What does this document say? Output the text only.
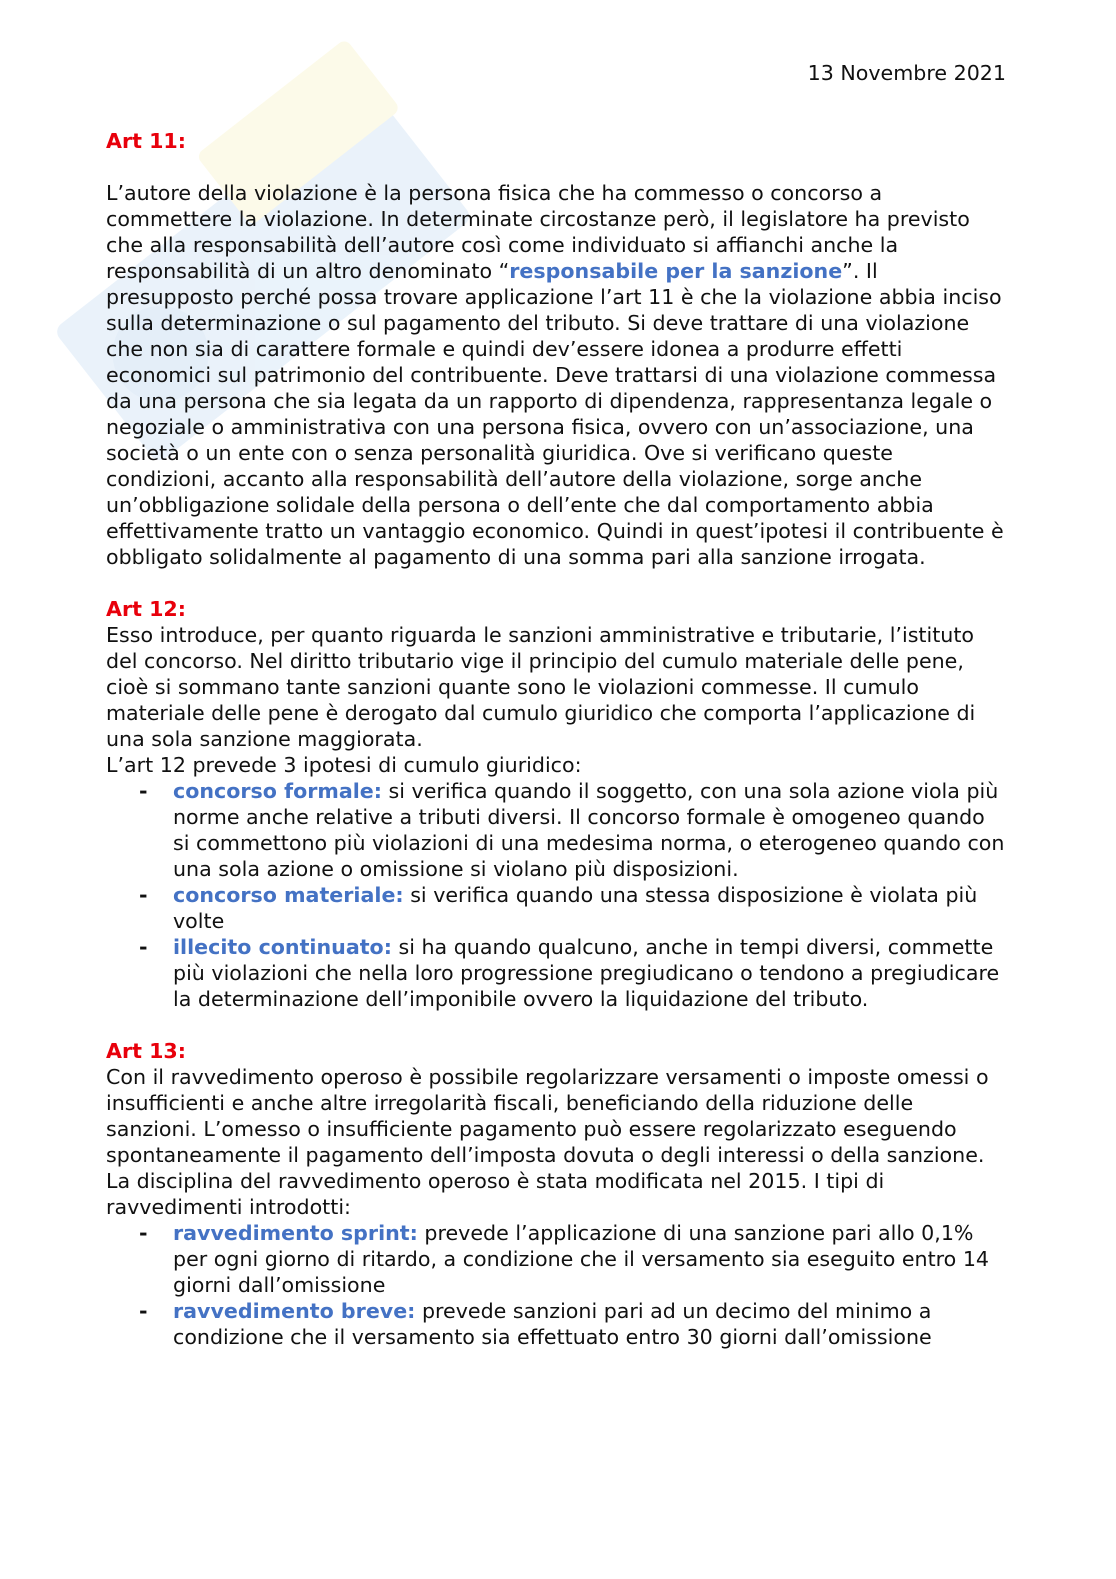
13 Novembre 2021

Art 11:

L’autore della violazione è la persona fisica che ha commesso o concorso a commettere la violazione. In determinate circostanze però, il legislatore ha previsto che alla responsabilità dell’autore così come individuato si affianchi anche la responsabilità di un altro denominato “responsabile per la sanzione”. Il presupposto perché possa trovare applicazione l’art 11 è che la violazione abbia inciso sulla determinazione o sul pagamento del tributo. Si deve trattare di una violazione che non sia di carattere formale e quindi dev’essere idonea a produrre effetti economici sul patrimonio del contribuente. Deve trattarsi di una violazione commessa da una persona che sia legata da un rapporto di dipendenza, rappresentanza legale o negoziale o amministrativa con una persona fisica, ovvero con un’associazione, una società o un ente con o senza personalità giuridica. Ove si verificano queste condizioni, accanto alla responsabilità dell’autore della violazione, sorge anche un’obbligazione solidale della persona o dell’ente che dal comportamento abbia effettivamente tratto un vantaggio economico. Quindi in quest’ipotesi il contribuente è obbligato solidalmente al pagamento di una somma pari alla sanzione irrogata.

Art 12:

Esso introduce, per quanto riguarda le sanzioni amministrative e tributarie, l’istituto del concorso. Nel diritto tributario vige il principio del cumulo materiale delle pene, cioè si sommano tante sanzioni quante sono le violazioni commesse. Il cumulo materiale delle pene è derogato dal cumulo giuridico che comporta l’applicazione di una sola sanzione maggiorata.

L’art 12 prevede 3 ipotesi di cumulo giuridico:

- concorso formale: si verifica quando il soggetto, con una sola azione viola più norme anche relative a tributi diversi. Il concorso formale è omogeneo quando si commettono più violazioni di una medesima norma, o eterogeneo quando con una sola azione o omissione si violano più disposizioni.
- concorso materiale: si verifica quando una stessa disposizione è violata più volte
- illecito continuato: si ha quando qualcuno, anche in tempi diversi, commette più violazioni che nella loro progressione pregiudicano o tendono a pregiudicare la determinazione dell’imponibile ovvero la liquidazione del tributo.

Art 13:

Con il ravvedimento operoso è possibile regolarizzare versamenti o imposte omessi o insufficienti e anche altre irregolarità fiscali, beneficiando della riduzione delle sanzioni. L’omesso o insufficiente pagamento può essere regolarizzato eseguendo spontaneamente il pagamento dell’imposta dovuta o degli interessi o della sanzione. La disciplina del ravvedimento operoso è stata modificata nel 2015. I tipi di ravvedimenti introdotti:

- ravvedimento sprint: prevede l’applicazione di una sanzione pari allo 0,1% per ogni giorno di ritardo, a condizione che il versamento sia eseguito entro 14 giorni dall’omissione
- ravvedimento breve: prevede sanzioni pari ad un decimo del minimo a condizione che il versamento sia effettuato entro 30 giorni dall’omissione
